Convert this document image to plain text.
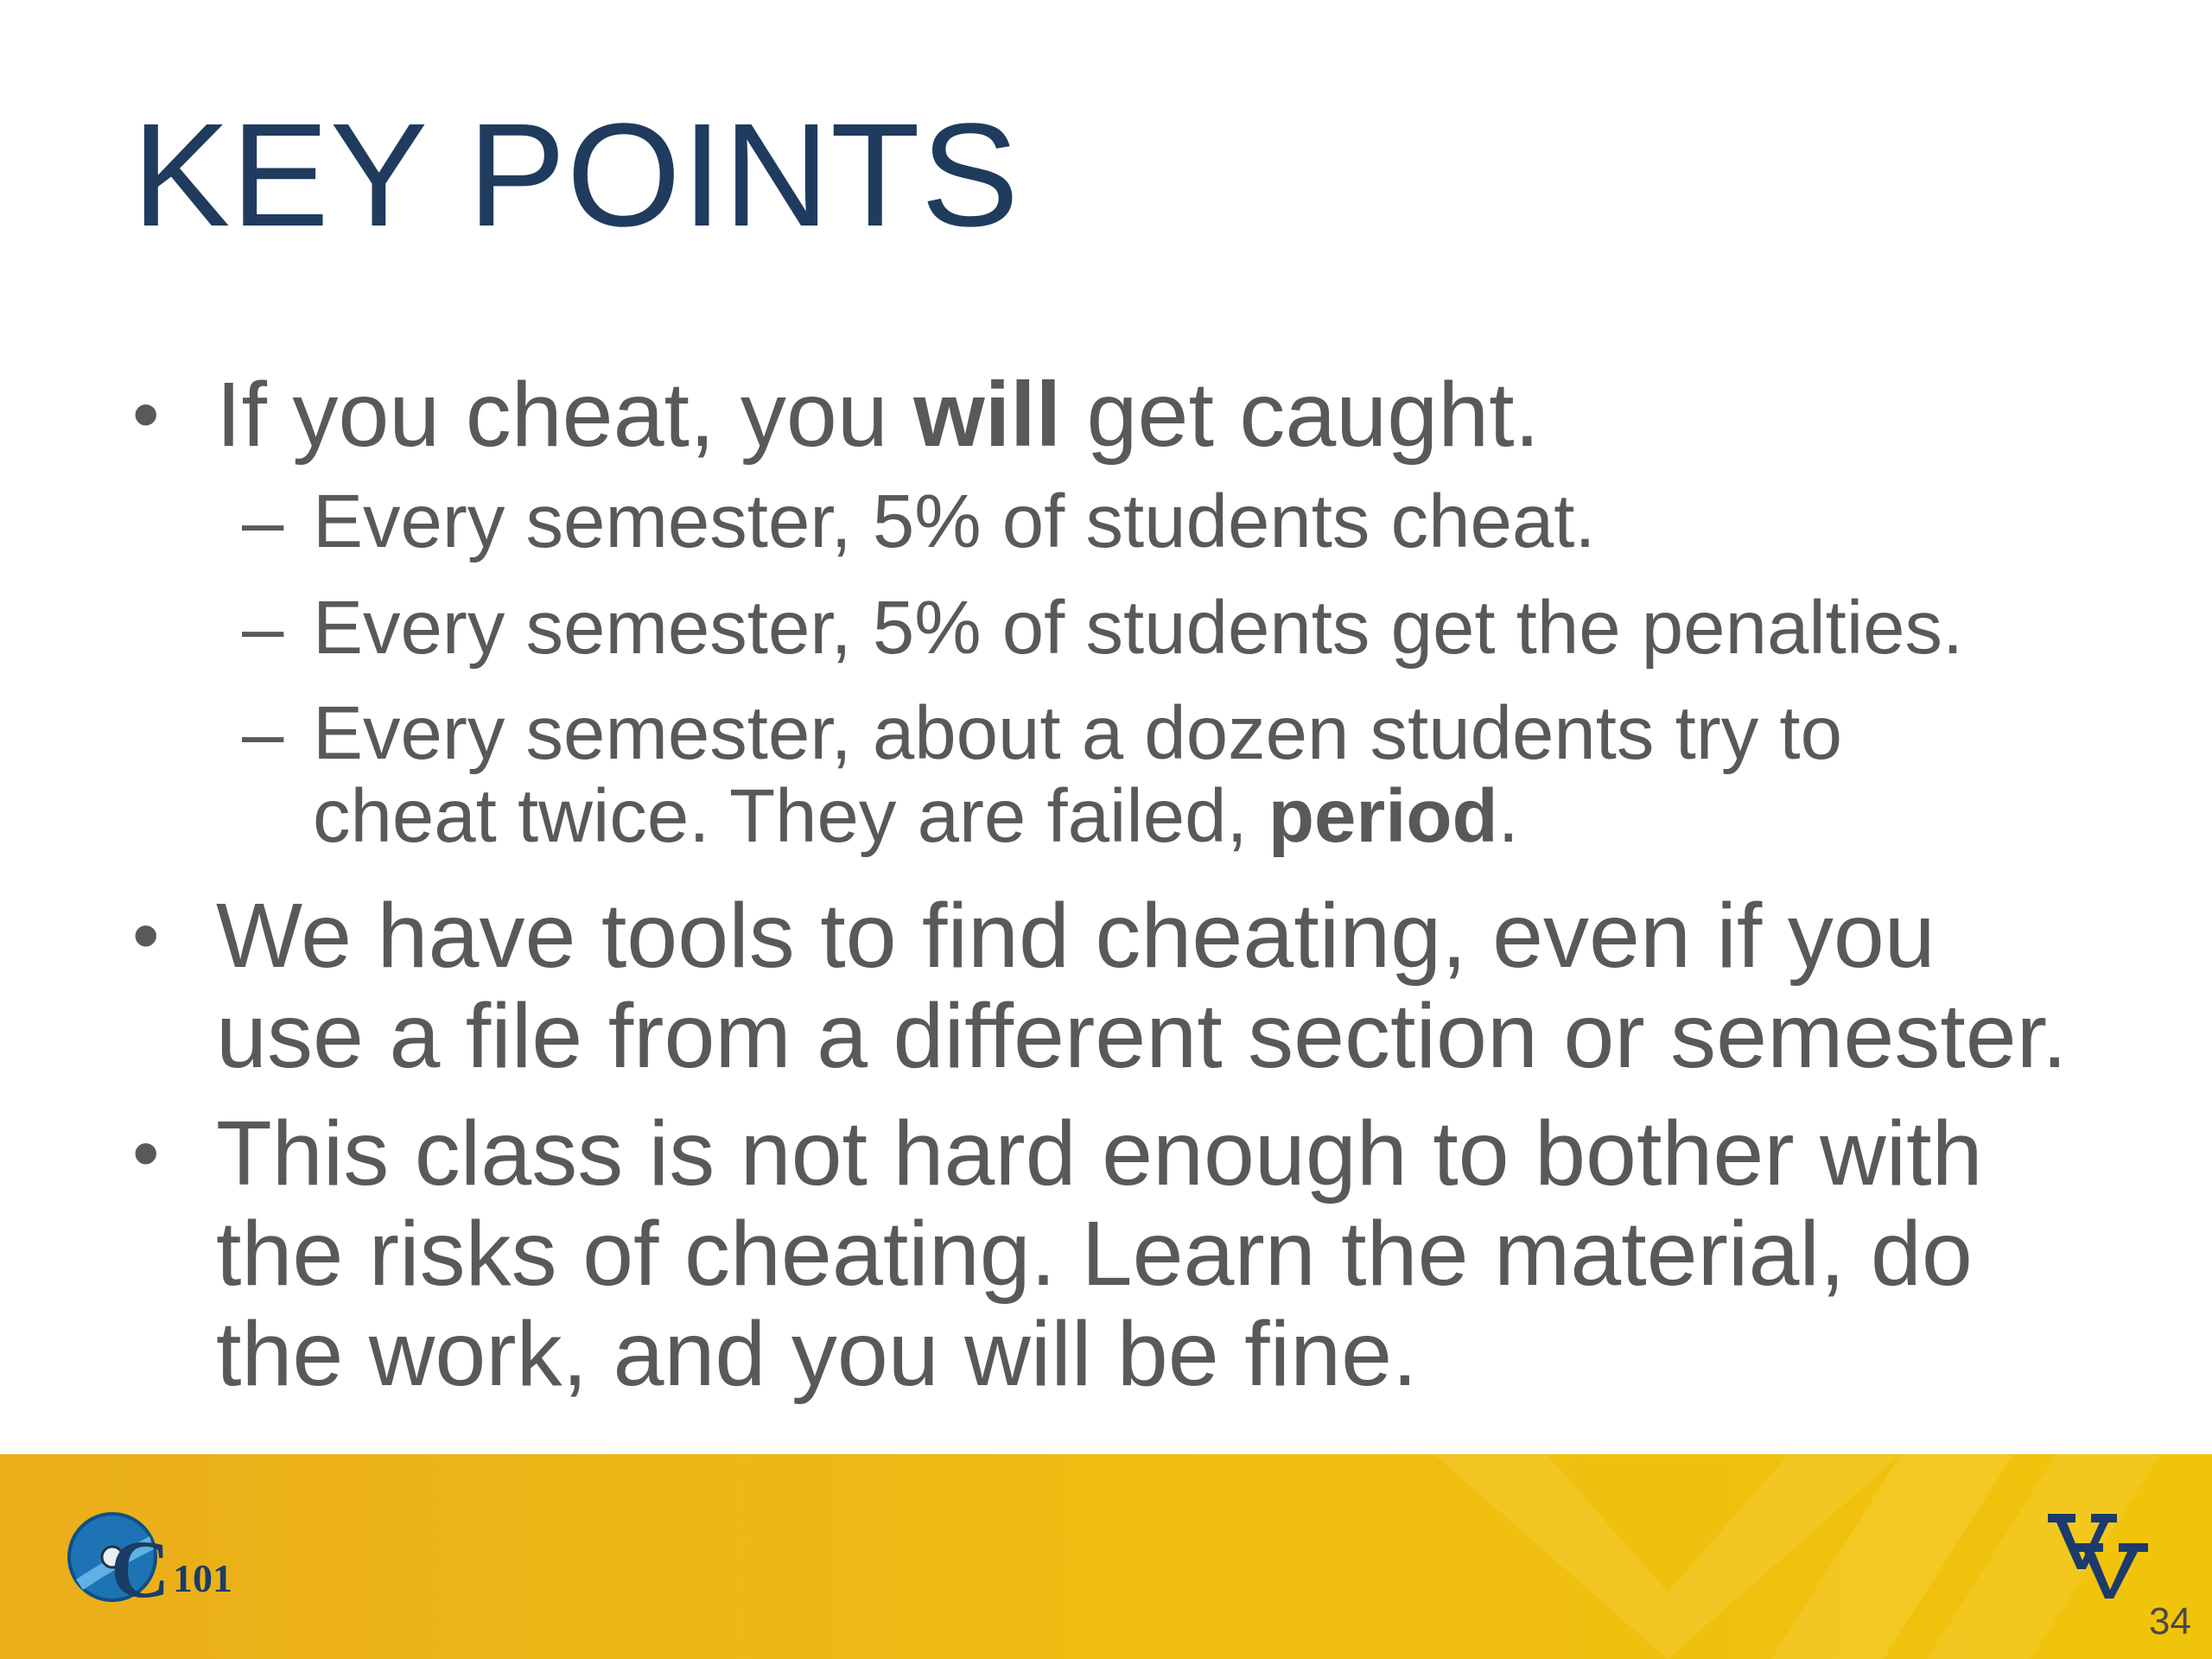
KEY POINTS
• If you cheat, you will get caught.
– Every semester, 5% of students cheat.
– Every semester, 5% of students get the penalties.
– Every semester, about a dozen students try to
cheat twice. They are failed, period.
• We have tools to find cheating, even if you
use a file from a different section or semester.
• This class is not hard enough to bother with
the risks of cheating. Learn the material, do
the work, and you will be fine.
C 101
34
